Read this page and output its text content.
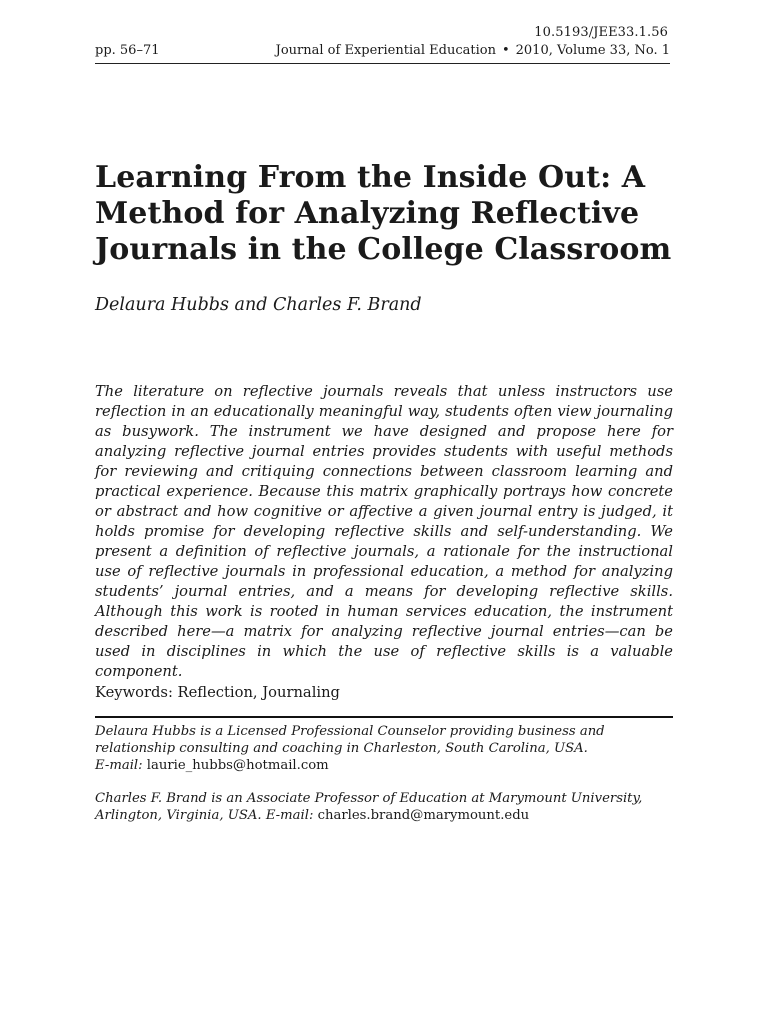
10.5193/JEE33.1.56
pp. 56–71	Journal of Experiential Education • 2010, Volume 33, No. 1
Learning From the Inside Out: A
Method for Analyzing Reflective
Journals in the College Classroom
Delaura Hubbs and Charles F. Brand

The literature on reflective journals reveals that unless instructors use reflection in an educationally meaningful way, students often view journaling as busywork. The instrument we have designed and propose here for analyzing reflective journal entries provides students with useful methods for reviewing and critiquing connections between classroom learning and practical experience. Because this matrix graphically portrays how concrete or abstract and how cognitive or affective a given journal entry is judged, it holds promise for developing reflective skills and self-understanding. We present a definition of reflective journals, a rationale for the instructional use of reflective journals in professional education, a method for analyzing students’ journal entries, and a means for developing reflective skills. Although this work is rooted in human services education, the instrument described here—a matrix for analyzing reflective journal entries—can be used in disciplines in which the use of reflective skills is a valuable component.

Keywords: Reflection, Journaling

Delaura Hubbs is a Licensed Professional Counselor providing business and relationship consulting and coaching in Charleston, South Carolina, USA.
E-mail: laurie_hubbs@hotmail.com

Charles F. Brand is an Associate Professor of Education at Marymount University, Arlington, Virginia, USA. E-mail: charles.brand@marymount.edu
